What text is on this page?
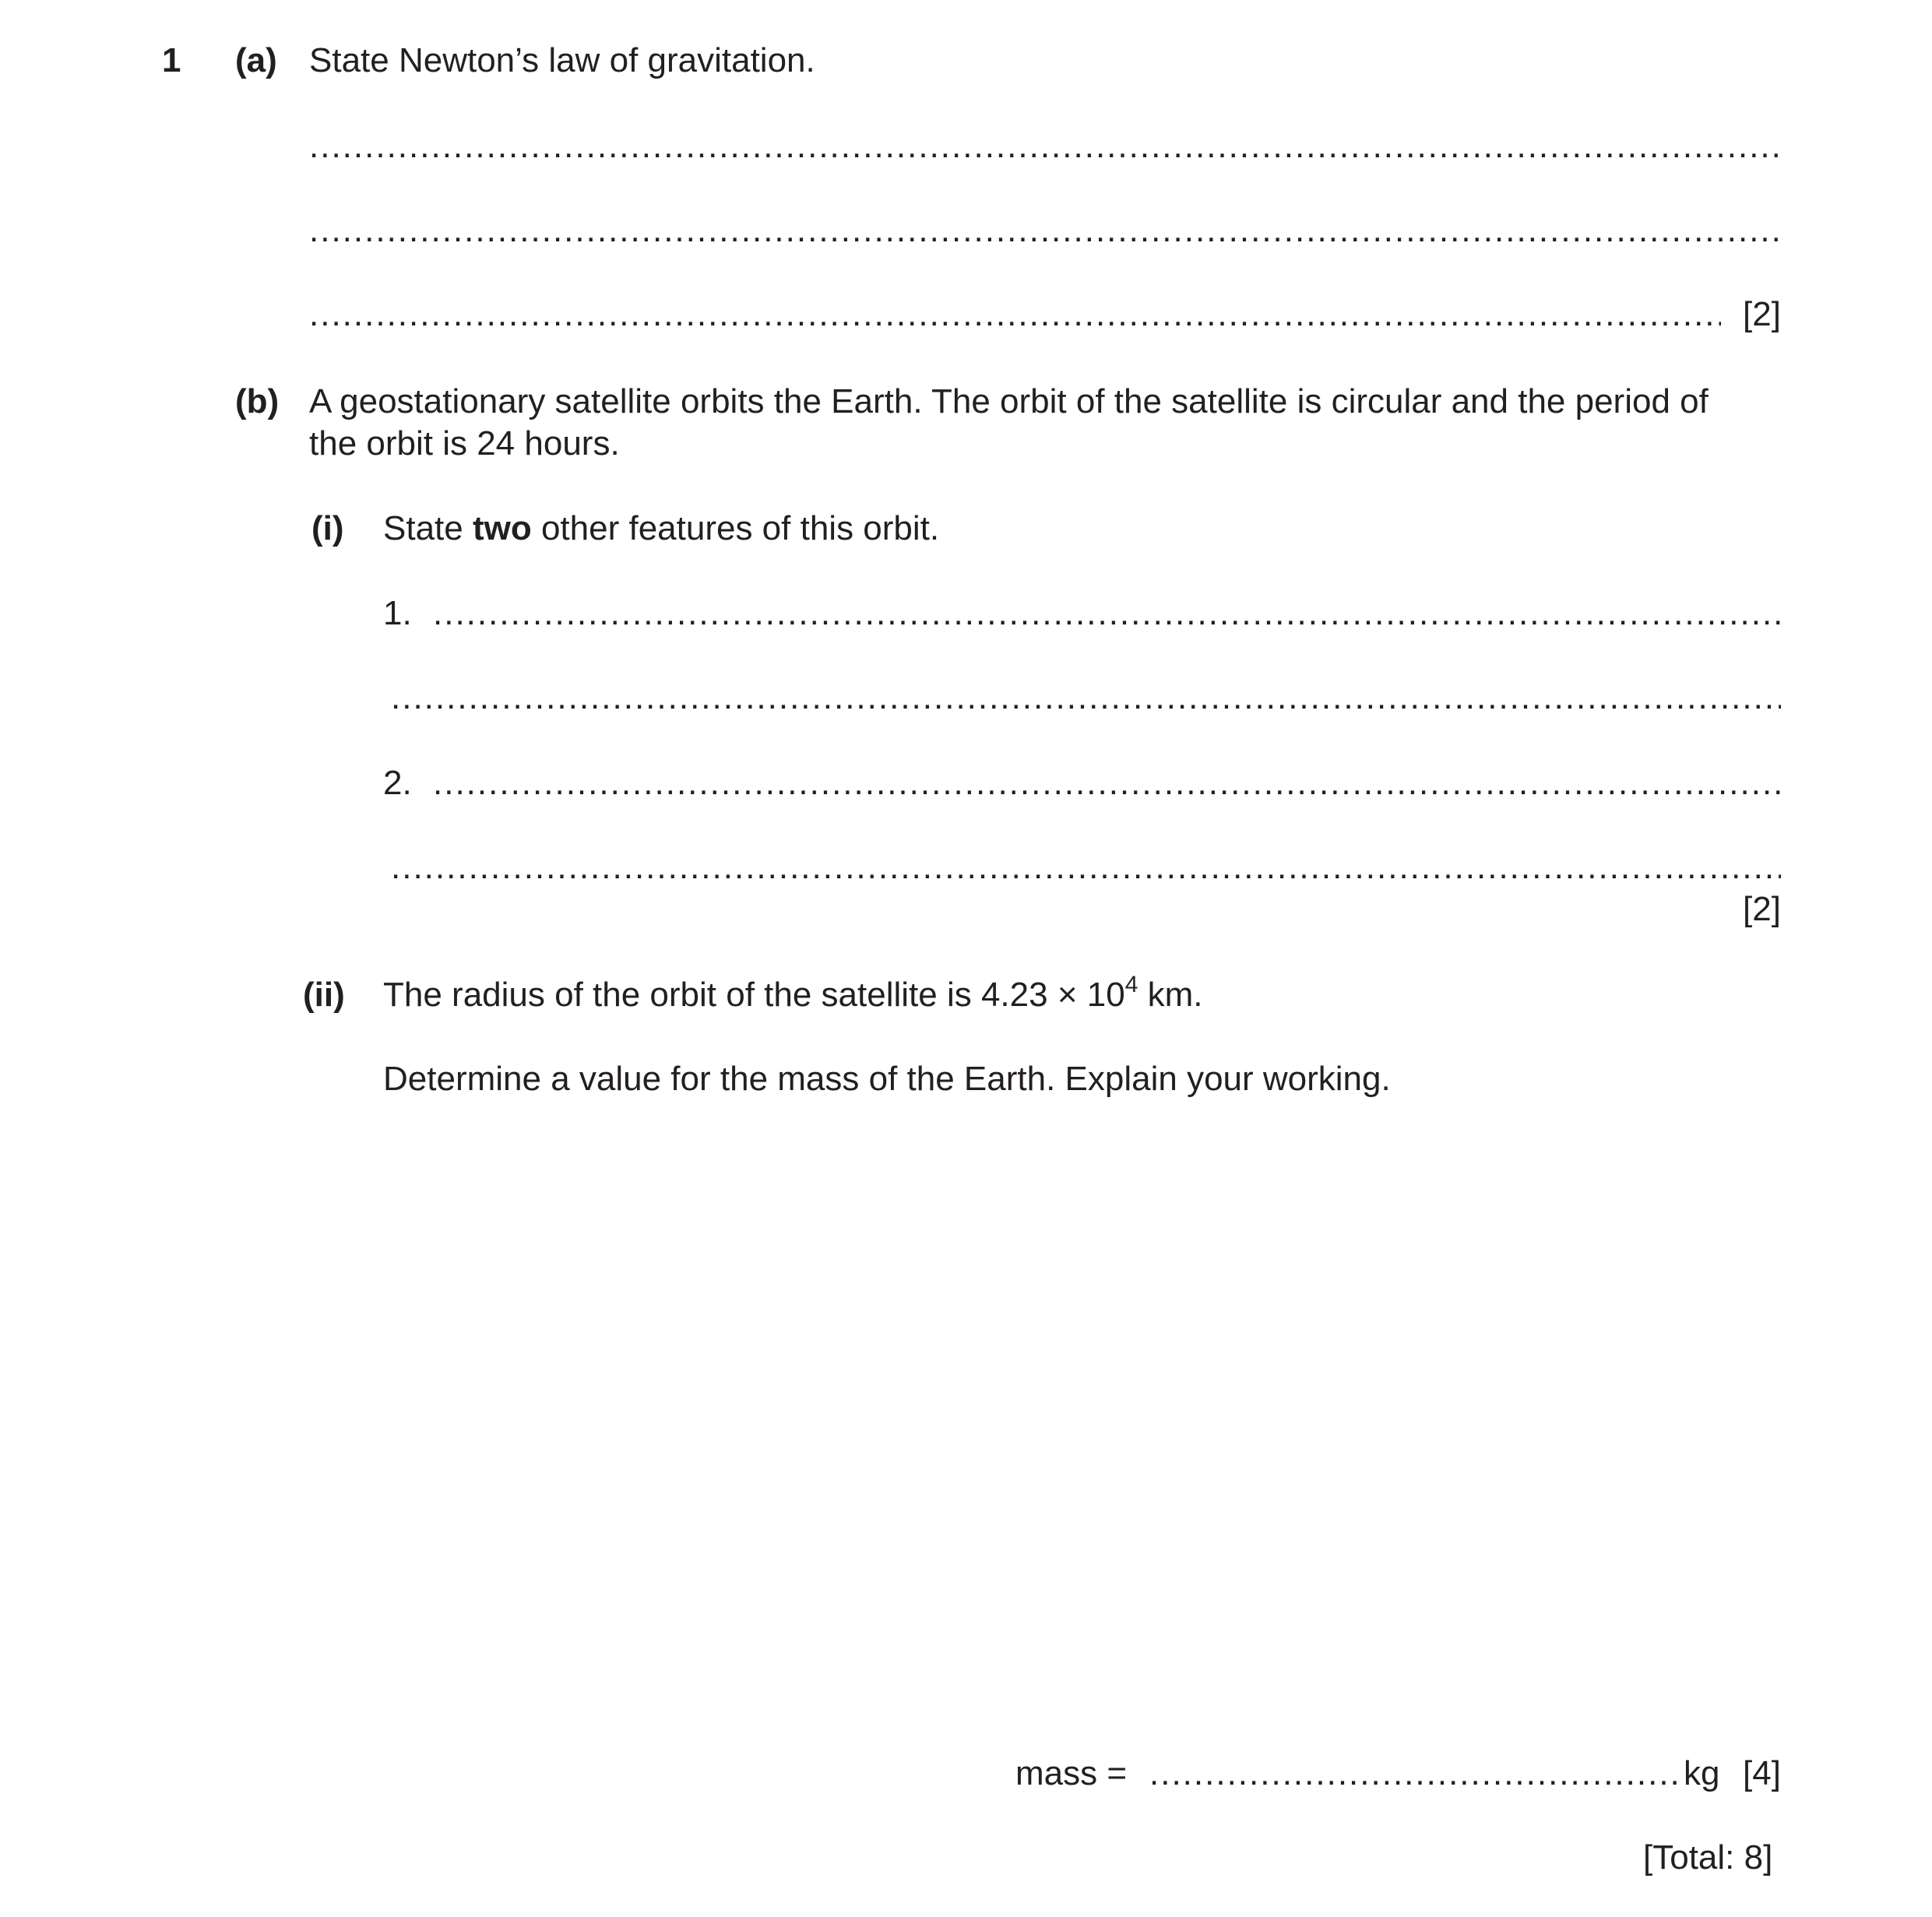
1 (a) State Newton’s law of gravitation.
.....
.....
.....
[2]
(b) A geostationary satellite orbits the Earth. The orbit of the satellite is circular and the period of
the orbit is 24 hours.
(i) State two other features of this orbit.
1.
.....
.....
2.
.....
.....
[2]
(ii) The radius of the orbit of the satellite is $4.23 \times 10^4$ km.
Determine a value for the mass of the Earth. Explain your working.
mass =
.....	kg [4]
[Total: 8]
